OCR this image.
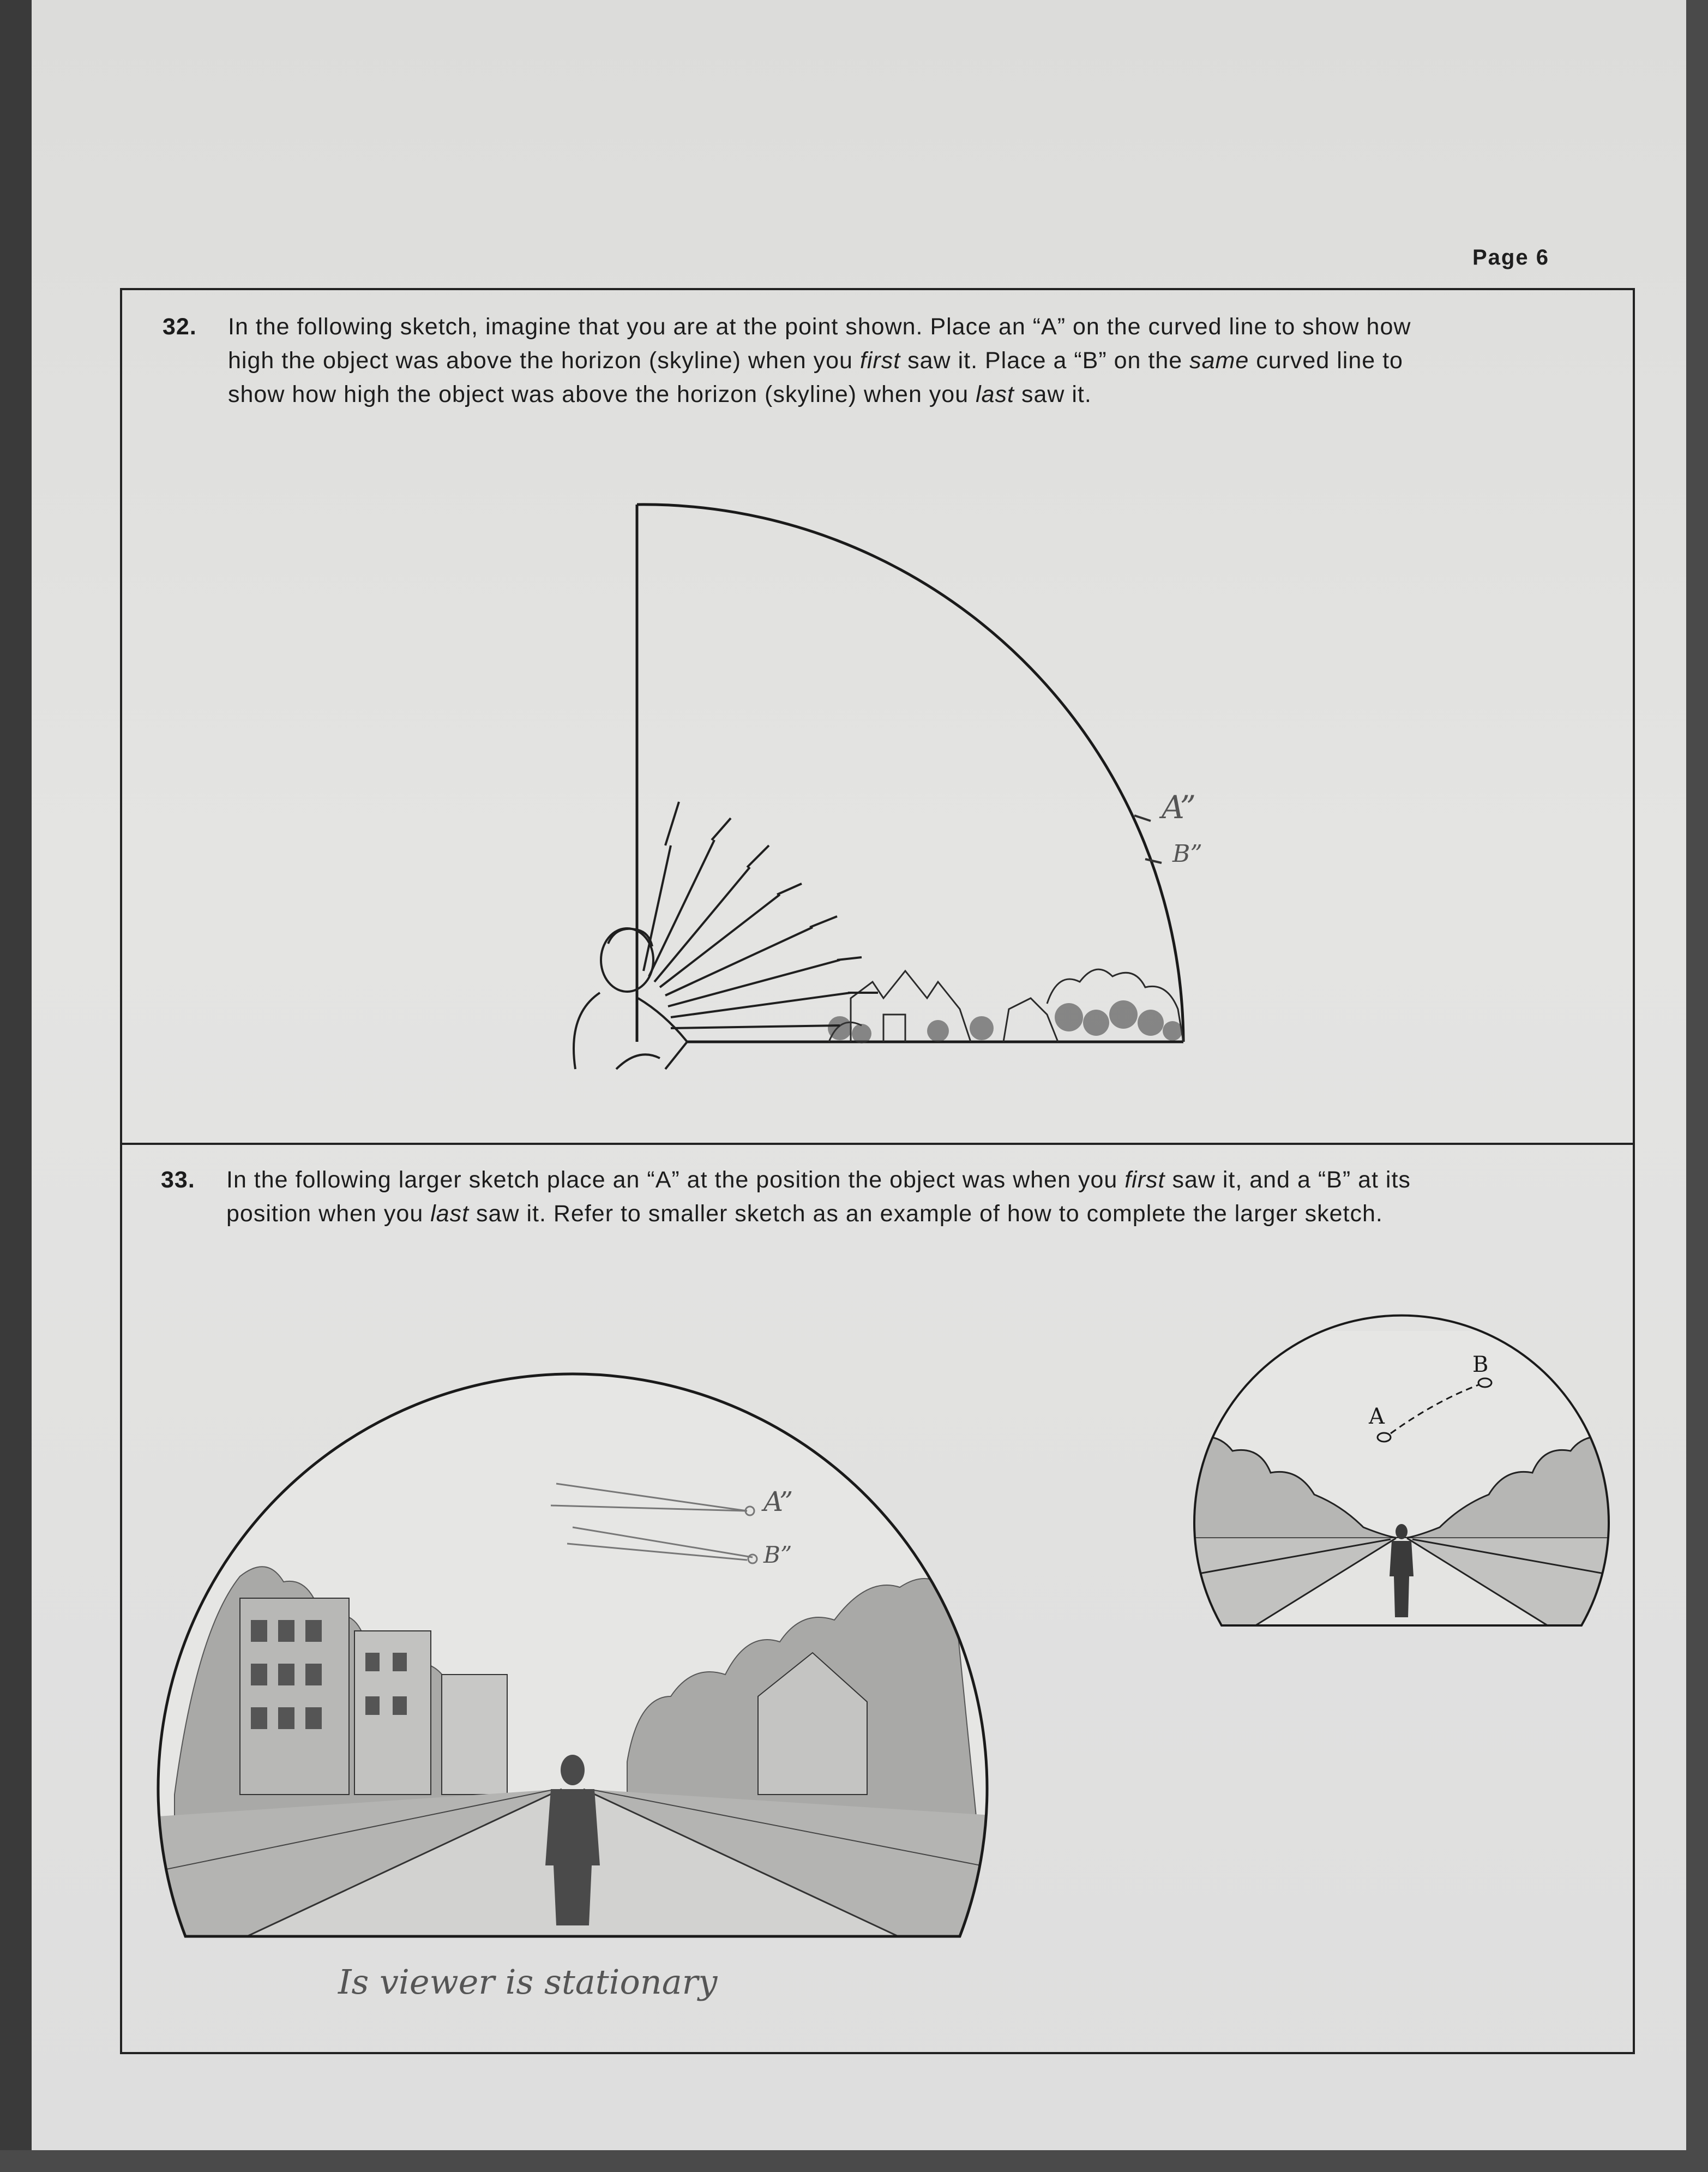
Page 6
32. In the following sketch, imagine that you are at the point shown. Place an “A” on the curved line to show how
high the object was above the horizon (skyline) when you first saw it. Place a “B” on the same curved line to
show how high the object was above the horizon (skyline) when you last saw it.
A”
B”
33. In the following larger sketch place an “A” at the position the object was when you first saw it, and a “B” at its
position when you last saw it. Refer to smaller sketch as an example of how to complete the larger sketch.
A”
B”
Is viewer is stationary
A
B
